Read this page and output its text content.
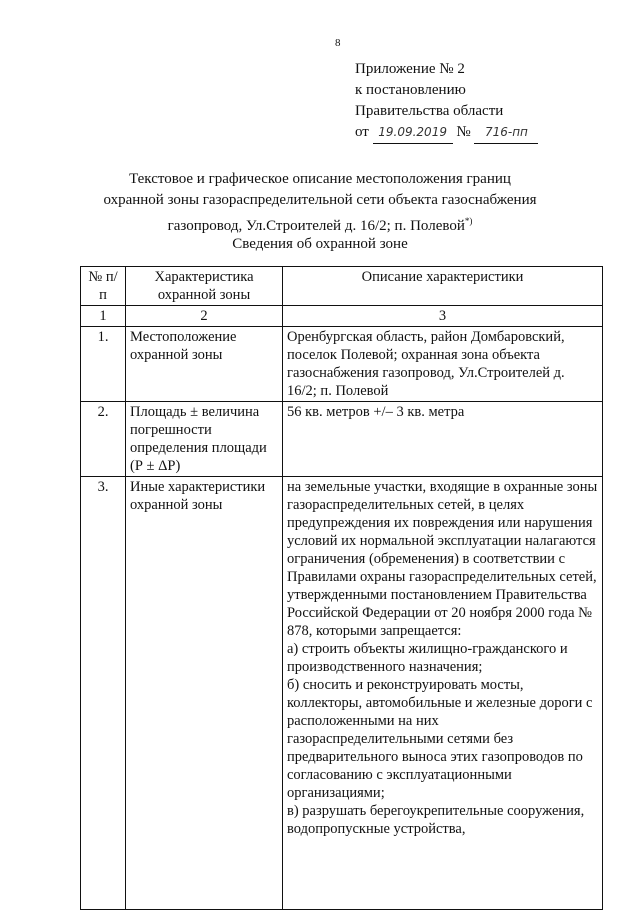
8
Приложение № 2
к постановлению
Правительства области
от 19.09.2019 № 716-пп
Текстовое и графическое описание местоположения границ
охранной зоны газораспределительной сети объекта газоснабжения
газопровод, Ул.Строителей д. 16/2; п. Полевой*)
Сведения об охранной зоне
№ п/п	Характеристика охранной зоны	Описание характеристики
1	2	3
1.	Местоположение охранной зоны	Оренбургская область, район Домбаровский, поселок Полевой; охранная зона объекта газоснабжения газопровод, Ул.Строителей д. 16/2; п. Полевой
2.	Площадь ± величина погрешности определения площади (Р ± ΔР)	56 кв. метров +/– 3 кв. метра
3.	Иные характеристики охранной зоны	на земельные участки, входящие в охранные зоны газораспределительных сетей, в целях предупреждения их повреждения или нарушения условий их нормальной эксплуатации налагаются ограничения (обременения) в соответствии с Правилами охраны газораспределительных сетей, утвержденными постановлением Правительства Российской Федерации от 20 ноября 2000 года № 878, которыми запрещается:
а) строить объекты жилищно-гражданского и производственного назначения;
б) сносить и реконструировать мосты, коллекторы, автомобильные и железные дороги с расположенными на них газораспределительными сетями без предварительного выноса этих газопроводов по согласованию с эксплуатационными организациями;
в) разрушать берегоукрепительные сооружения, водопропускные устройства,
